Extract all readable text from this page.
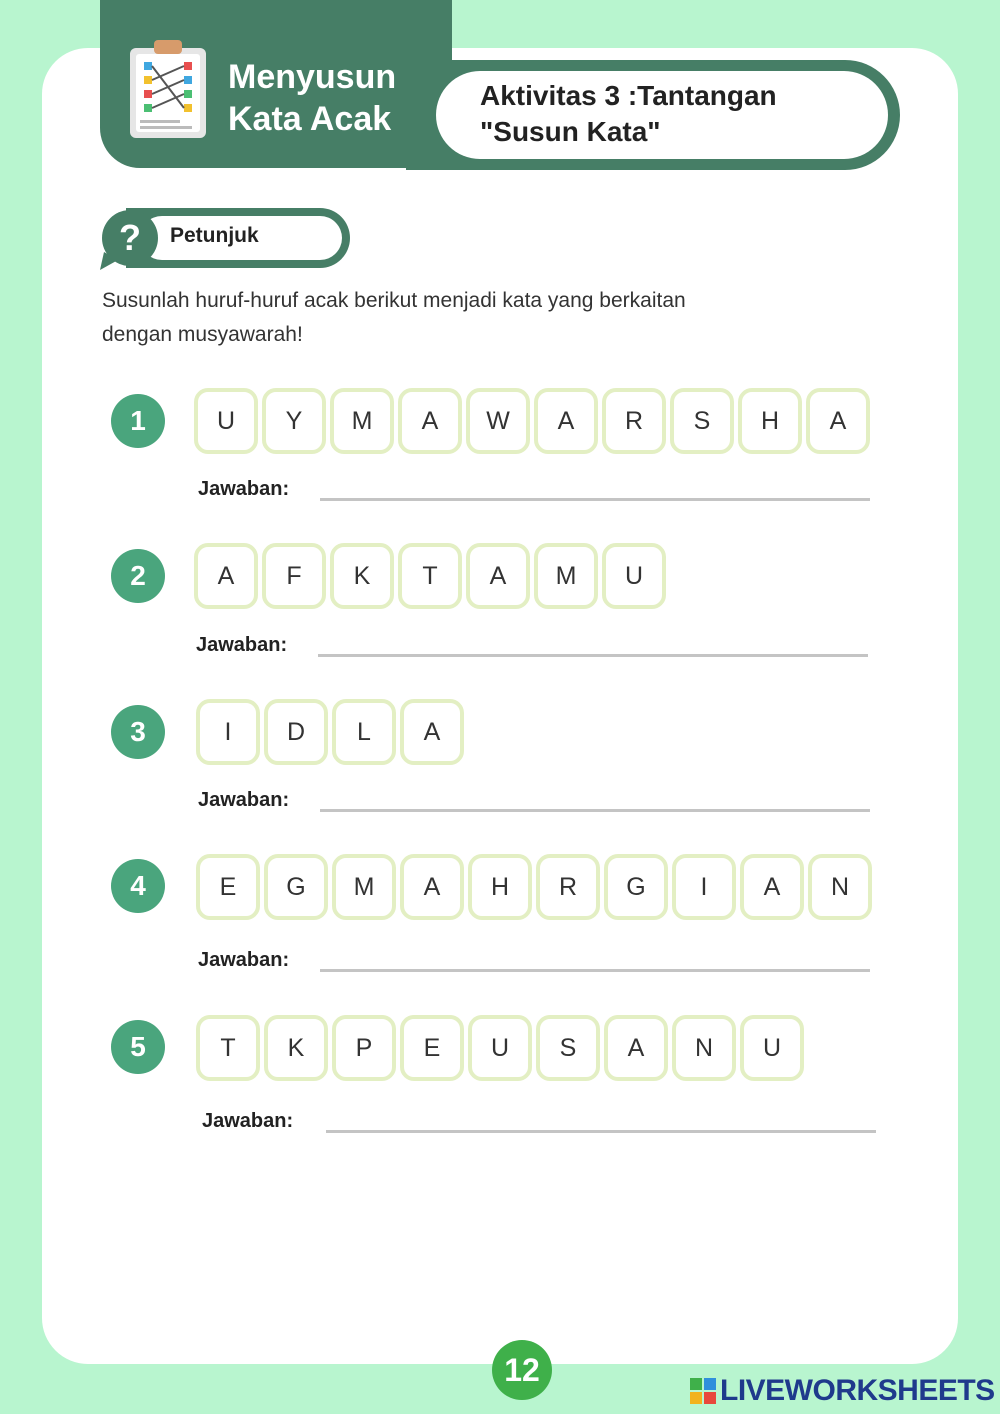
Menyusun
Kata Acak
Aktivitas 3 :Tantangan
"Susun Kata"
? Petunjuk
Susunlah huruf-huruf acak berikut menjadi kata yang berkaitan
dengan musyawarah!
1	U	Y	M	A	W	A	R	S	H	A
Jawaban:
2	A	F	K	T	A	M	U
Jawaban:
3	I	D	L	A
Jawaban:
4	E	G	M	A	H	R	G	I	A	N
Jawaban:
5	T	K	P	E	U	S	A	N	U
Jawaban:
12
LIVEWORKSHEETS
